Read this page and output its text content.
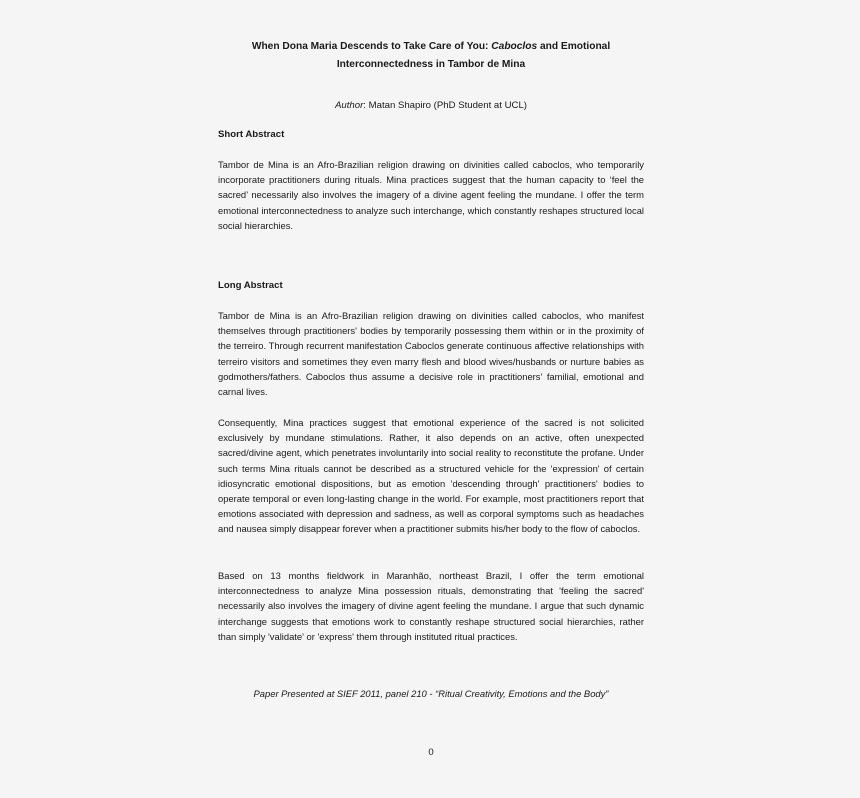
When Dona Maria Descends to Take Care of You: Caboclos and Emotional
Interconnectedness in Tambor de Mina
Author: Matan Shapiro (PhD Student at UCL)
Short Abstract

Tambor de Mina is an Afro-Brazilian religion drawing on divinities called caboclos, who temporarily incorporate practitioners during rituals. Mina practices suggest that the human capacity to ‘feel the sacred’ necessarily also involves the imagery of a divine agent feeling the mundane. I offer the term emotional interconnectedness to analyze such interchange, which constantly reshapes structured local social hierarchies.

Long Abstract

Tambor de Mina is an Afro-Brazilian religion drawing on divinities called caboclos, who manifest themselves through practitioners' bodies by temporarily possessing them within or in the proximity of the terreiro. Through recurrent manifestation Caboclos generate continuous affective relationships with terreiro visitors and sometimes they even marry flesh and blood wives/husbands or nurture babies as godmothers/fathers. Caboclos thus assume a decisive role in practitioners' familial, emotional and carnal lives.

Consequently, Mina practices suggest that emotional experience of the sacred is not solicited exclusively by mundane stimulations. Rather, it also depends on an active, often unexpected sacred/divine agent, which penetrates involuntarily into social reality to reconstitute the profane. Under such terms Mina rituals cannot be described as a structured vehicle for the 'expression' of certain idiosyncratic emotional dispositions, but as emotion 'descending through' practitioners' bodies to operate temporal or even long-lasting change in the world. For example, most practitioners report that emotions associated with depression and sadness, as well as corporal symptoms such as headaches and nausea simply disappear forever when a practitioner submits his/her body to the flow of caboclos.

Based on 13 months fieldwork in Maranhão, northeast Brazil, I offer the term emotional interconnectedness to analyze Mina possession rituals, demonstrating that 'feeling the sacred' necessarily also involves the imagery of divine agent feeling the mundane. I argue that such dynamic interchange suggests that emotions work to constantly reshape structured social hierarchies, rather than simply 'validate' or 'express' them through instituted ritual practices.

Paper Presented at SIEF 2011, panel 210 - “Ritual Creativity, Emotions and the Body”
0
